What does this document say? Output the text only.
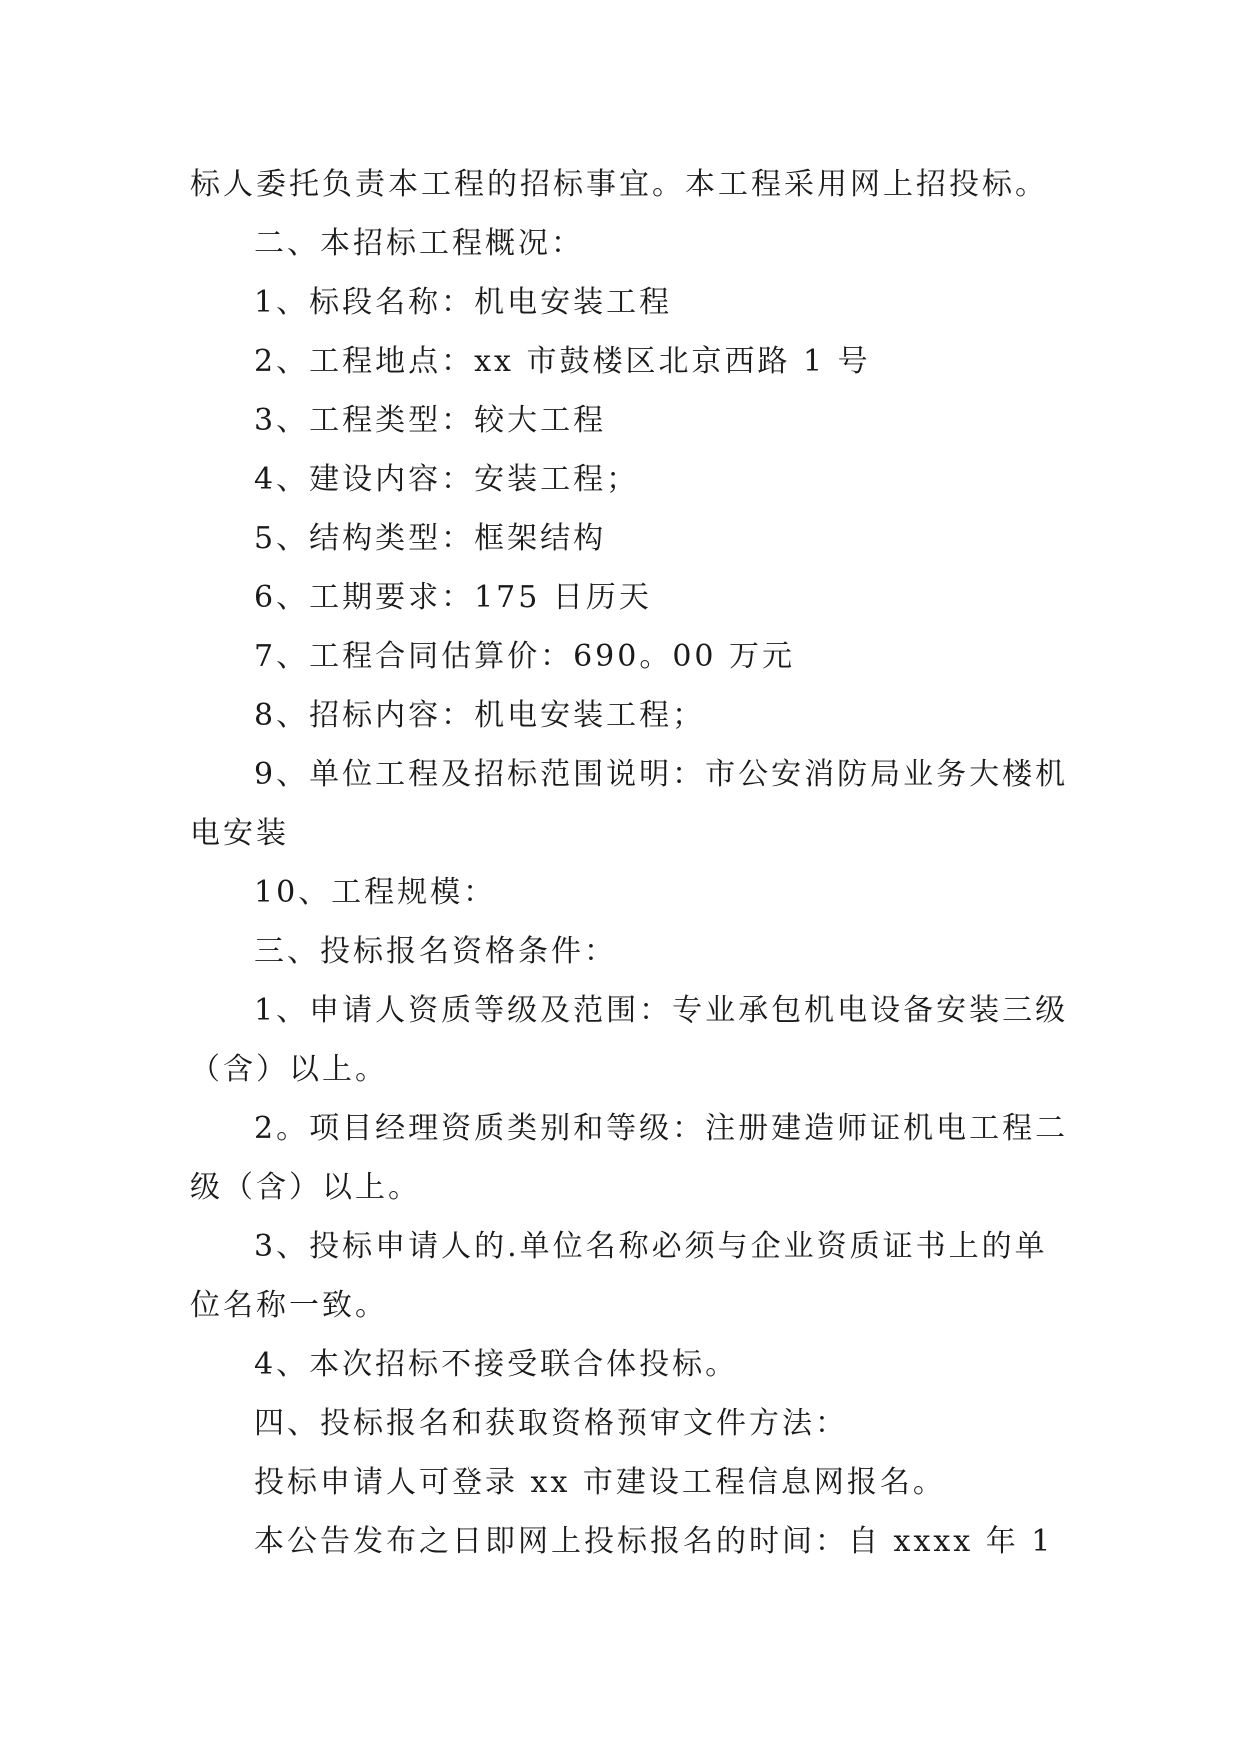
标人委托负责本工程的招标事宜。本工程采用网上招投标。

二、本招标工程概况：

1、标段名称：机电安装工程

2、工程地点：xx 市鼓楼区北京西路 1 号

3、工程类型：较大工程

4、建设内容：安装工程；

5、结构类型：框架结构

6、工期要求：175 日历天

7、工程合同估算价：690。00 万元

8、招标内容：机电安装工程；

9、单位工程及招标范围说明：市公安消防局业务大楼机电安装

10、工程规模：

三、投标报名资格条件：

1、申请人资质等级及范围：专业承包机电设备安装三级（含）以上。

2。项目经理资质类别和等级：注册建造师证机电工程二级（含）以上。

3、投标申请人的.单位名称必须与企业资质证书上的单位名称一致。

4、本次招标不接受联合体投标。

四、投标报名和获取资格预审文件方法：

投标申请人可登录 xx 市建设工程信息网报名。

本公告发布之日即网上投标报名的时间：自 xxxx 年 1
